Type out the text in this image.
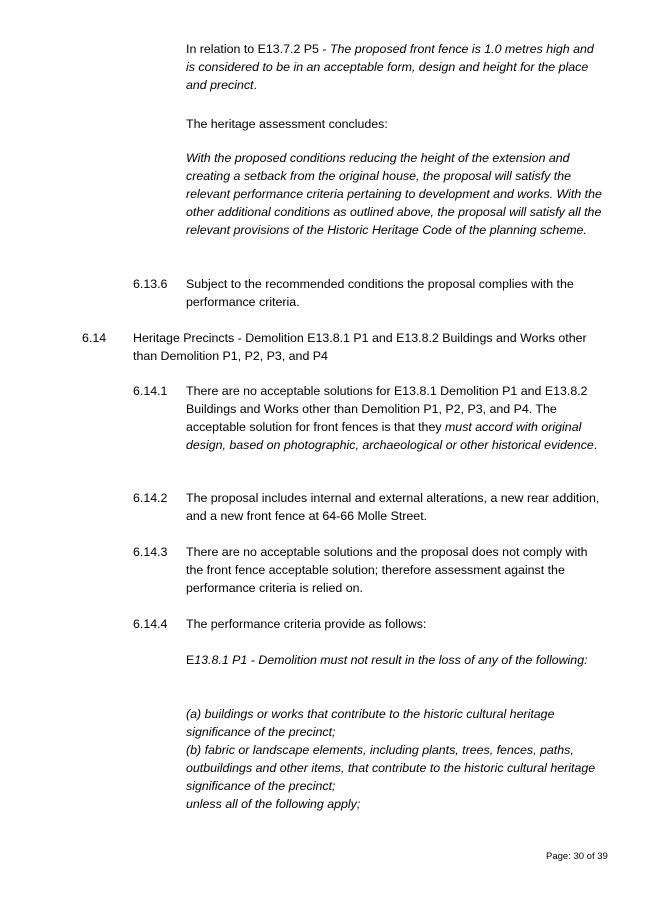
In relation to E13.7.2 P5 - The proposed front fence is 1.0 metres high and is considered to be in an acceptable form, design and height for the place and precinct.

The heritage assessment concludes:

With the proposed conditions reducing the height of the extension and creating a setback from the original house, the proposal will satisfy the relevant performance criteria pertaining to development and works. With the other additional conditions as outlined above, the proposal will satisfy all the relevant provisions of the Historic Heritage Code of the planning scheme.

6.13.6 Subject to the recommended conditions the proposal complies with the performance criteria.

6.14 Heritage Precincts - Demolition E13.8.1 P1 and E13.8.2 Buildings and Works other than Demolition P1, P2, P3, and P4

6.14.1 There are no acceptable solutions for E13.8.1 Demolition P1 and E13.8.2 Buildings and Works other than Demolition P1, P2, P3, and P4. The acceptable solution for front fences is that they must accord with original design, based on photographic, archaeological or other historical evidence.

6.14.2 The proposal includes internal and external alterations, a new rear addition, and a new front fence at 64-66 Molle Street.

6.14.3 There are no acceptable solutions and the proposal does not comply with the front fence acceptable solution; therefore assessment against the performance criteria is relied on.

6.14.4 The performance criteria provide as follows:

E13.8.1 P1 - Demolition must not result in the loss of any of the following:

(a) buildings or works that contribute to the historic cultural heritage significance of the precinct;

(b) fabric or landscape elements, including plants, trees, fences, paths, outbuildings and other items, that contribute to the historic cultural heritage significance of the precinct;

unless all of the following apply;

Page: 30 of 39
